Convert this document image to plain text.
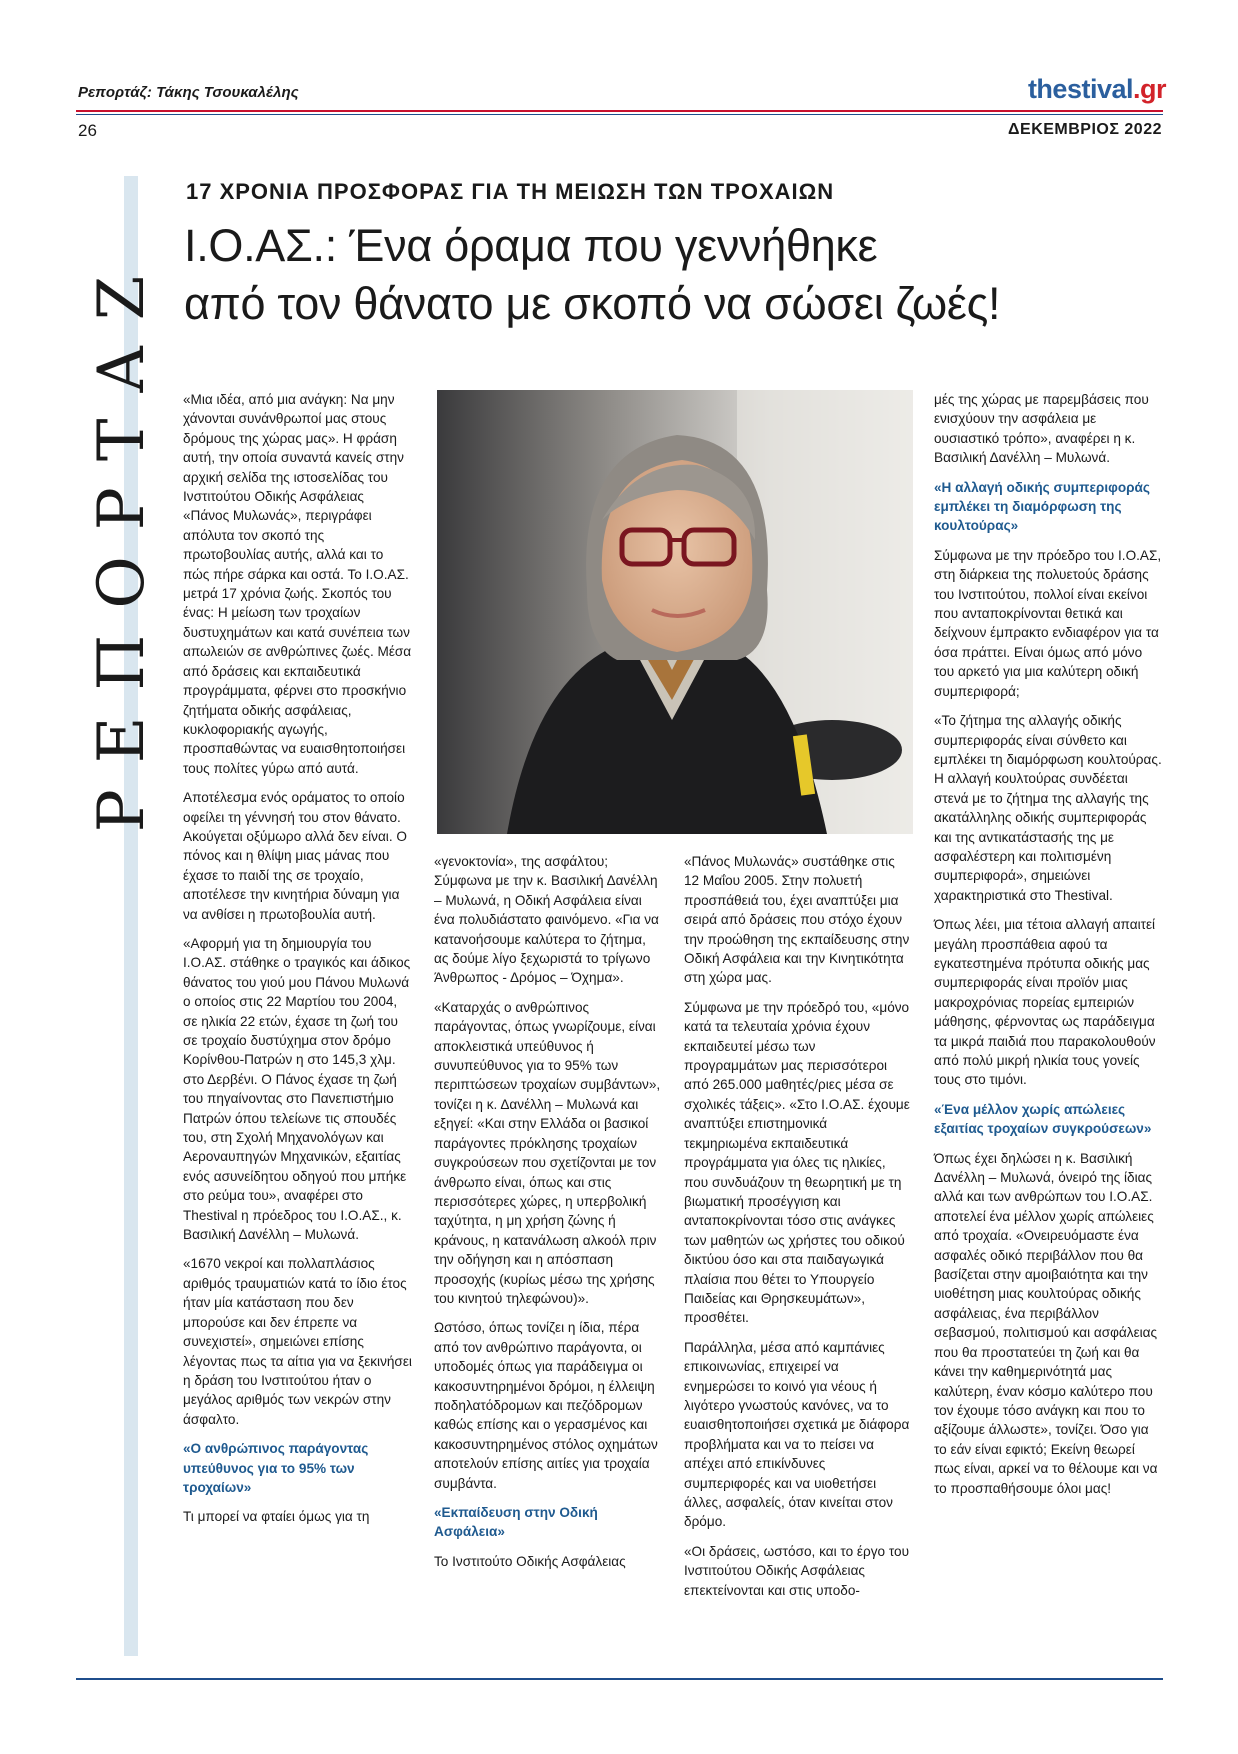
Ρεπορτάζ: Τάκης Τσουκαλέλης	thestival.gr
26	ΔΕΚΕΜΒΡΙΟΣ 2022
ΡΕΠΟΡΤΑΖ
17 ΧΡΟΝΙΑ ΠΡΟΣΦΟΡΑΣ ΓΙΑ ΤΗ ΜΕΙΩΣΗ ΤΩΝ ΤΡΟΧΑΙΩΝ
Ι.Ο.ΑΣ.: Ένα όραμα που γεννήθηκε
από τον θάνατο με σκοπό να σώσει ζωές!

«Μια ιδέα, από μια ανάγκη: Να μην χάνονται συνάνθρωποί μας στους δρόμους της χώρας μας». Η φράση αυτή, την οποία συναντά κανείς στην αρχική σελίδα της ιστοσελίδας του Ινστιτούτου Οδικής Ασφάλειας «Πάνος Μυλωνάς», περιγράφει απόλυτα τον σκοπό της πρωτοβουλίας αυτής, αλλά και το πώς πήρε σάρκα και οστά. Το Ι.Ο.ΑΣ. μετρά 17 χρόνια ζωής. Σκοπός του ένας: Η μείωση των τροχαίων δυστυχημάτων και κατά συνέπεια των απωλειών σε ανθρώπινες ζωές. Μέσα από δράσεις και εκπαιδευτικά προγράμματα, φέρνει στο προσκήνιο ζητήματα οδικής ασφάλειας, κυκλοφοριακής αγωγής, προσπαθώντας να ευαισθητοποιήσει τους πολίτες γύρω από αυτά.

Αποτέλεσμα ενός οράματος το οποίο οφείλει τη γέννησή του στον θάνατο. Ακούγεται οξύμωρο αλλά δεν είναι. Ο πόνος και η θλίψη μιας μάνας που έχασε το παιδί της σε τροχαίο, αποτέλεσε την κινητήρια δύναμη για να ανθίσει η πρωτοβουλία αυτή.

«Αφορμή για τη δημιουργία του Ι.Ο.ΑΣ. στάθηκε ο τραγικός και άδικος θάνατος του γιού μου Πάνου Μυλωνά ο οποίος στις 22 Μαρτίου του 2004, σε ηλικία 22 ετών, έχασε τη ζωή του σε τροχαίο δυστύχημα στον δρόμο Κορίνθου-Πατρών η στο 145,3 χλμ. στο Δερβένι. Ο Πάνος έχασε τη ζωή του πηγαίνοντας στο Πανεπιστήμιο Πατρών όπου τελείωνε τις σπουδές του, στη Σχολή Μηχανολόγων και Αεροναυπηγών Μηχανικών, εξαιτίας ενός ασυνείδητου οδηγού που μπήκε στο ρεύμα του», αναφέρει στο Thestival η πρόεδρος του Ι.Ο.ΑΣ., κ. Βασιλική Δανέλλη – Μυλωνά.

«1670 νεκροί και πολλαπλάσιος αριθμός τραυματιών κατά το ίδιο έτος ήταν μία κατάσταση που δεν μπορούσε και δεν έπρεπε να συνεχιστεί», σημειώνει επίσης λέγοντας πως τα αίτια για να ξεκινήσει η δράση του Ινστιτούτου ήταν ο μεγάλος αριθμός των νεκρών στην άσφαλτο.

«Ο ανθρώπινος παράγοντας υπεύθυνος για το 95% των τροχαίων»

Τι μπορεί να φταίει όμως για τη

«γενοκτονία», της ασφάλτου; Σύμφωνα με την κ. Βασιλική Δανέλλη – Μυλωνά, η Οδική Ασφάλεια είναι ένα πολυδιάστατο φαινόμενο. «Για να κατανοήσουμε καλύτερα το ζήτημα, ας δούμε λίγο ξεχωριστά το τρίγωνο Άνθρωπος - Δρόμος – Όχημα».

«Καταρχάς ο ανθρώπινος παράγοντας, όπως γνωρίζουμε, είναι αποκλειστικά υπεύθυνος ή συνυπεύθυνος για το 95% των περιπτώσεων τροχαίων συμβάντων», τονίζει η κ. Δανέλλη – Μυλωνά και εξηγεί: «Και στην Ελλάδα οι βασικοί παράγοντες πρόκλησης τροχαίων συγκρούσεων που σχετίζονται με τον άνθρωπο είναι, όπως και στις περισσότερες χώρες, η υπερβολική ταχύτητα, η μη χρήση ζώνης ή κράνους, η κατανάλωση αλκοόλ πριν την οδήγηση και η απόσπαση προσοχής (κυρίως μέσω της χρήσης του κινητού τηλεφώνου)».

Ωστόσο, όπως τονίζει η ίδια, πέρα από τον ανθρώπινο παράγοντα, οι υποδομές όπως για παράδειγμα οι κακοσυντηρημένοι δρόμοι, η έλλειψη ποδηλατόδρομων και πεζόδρομων καθώς επίσης και ο γερασμένος και κακοσυντηρημένος στόλος οχημάτων αποτελούν επίσης αιτίες για τροχαία συμβάντα.

«Εκπαίδευση στην Οδική Ασφάλεια»

Το Ινστιτούτο Οδικής Ασφάλειας

«Πάνος Μυλωνάς» συστάθηκε στις 12 Μαΐου 2005. Στην πολυετή προσπάθειά του, έχει αναπτύξει μια σειρά από δράσεις που στόχο έχουν την προώθηση της εκπαίδευσης στην Οδική Ασφάλεια και την Κινητικότητα στη χώρα μας.

Σύμφωνα με την πρόεδρό του, «μόνο κατά τα τελευταία χρόνια έχουν εκπαιδευτεί μέσω των προγραμμάτων μας περισσότεροι από 265.000 μαθητές/ριες μέσα σε σχολικές τάξεις». «Στο Ι.Ο.ΑΣ. έχουμε αναπτύξει επιστημονικά τεκμηριωμένα εκπαιδευτικά προγράμματα για όλες τις ηλικίες, που συνδυάζουν τη θεωρητική με τη βιωματική προσέγγιση και ανταποκρίνονται τόσο στις ανάγκες των μαθητών ως χρήστες του οδικού δικτύου όσο και στα παιδαγωγικά πλαίσια που θέτει το Υπουργείο Παιδείας και Θρησκευμάτων», προσθέτει.

Παράλληλα, μέσα από καμπάνιες επικοινωνίας, επιχειρεί να ενημερώσει το κοινό για νέους ή λιγότερο γνωστούς κανόνες, να το ευαισθητοποιήσει σχετικά με διάφορα προβλήματα και να το πείσει να απέχει από επικίνδυνες συμπεριφορές και να υιοθετήσει άλλες, ασφαλείς, όταν κινείται στον δρόμο.

«Οι δράσεις, ωστόσο, και το έργο του Ινστιτούτου Οδικής Ασφάλειας επεκτείνονται και στις υποδο-

μές της χώρας με παρεμβάσεις που ενισχύουν την ασφάλεια με ουσιαστικό τρόπο», αναφέρει η κ. Βασιλική Δανέλλη – Μυλωνά.

«Η αλλαγή οδικής συμπεριφοράς εμπλέκει τη διαμόρφωση της κουλτούρας»

Σύμφωνα με την πρόεδρο του Ι.Ο.ΑΣ, στη διάρκεια της πολυετούς δράσης του Ινστιτούτου, πολλοί είναι εκείνοι που ανταποκρίνονται θετικά και δείχνουν έμπρακτο ενδιαφέρον για τα όσα πράττει. Είναι όμως από μόνο του αρκετό για μια καλύτερη οδική συμπεριφορά;

«Το ζήτημα της αλλαγής οδικής συμπεριφοράς είναι σύνθετο και εμπλέκει τη διαμόρφωση κουλτούρας. Η αλλαγή κουλτούρας συνδέεται στενά με το ζήτημα της αλλαγής της ακατάλληλης οδικής συμπεριφοράς και της αντικατάστασής της με ασφαλέστερη και πολιτισμένη συμπεριφορά», σημειώνει χαρακτηριστικά στο Thestival.

Όπως λέει, μια τέτοια αλλαγή απαιτεί μεγάλη προσπάθεια αφού τα εγκατεστημένα πρότυπα οδικής μας συμπεριφοράς είναι προϊόν μιας μακροχρόνιας πορείας εμπειριών μάθησης, φέρνοντας ως παράδειγμα τα μικρά παιδιά που παρακολουθούν από πολύ μικρή ηλικία τους γονείς τους στο τιμόνι.

«Ένα μέλλον χωρίς απώλειες εξαιτίας τροχαίων συγκρούσεων»

Όπως έχει δηλώσει η κ. Βασιλική Δανέλλη – Μυλωνά, όνειρό της ίδιας αλλά και των ανθρώπων του Ι.Ο.ΑΣ. αποτελεί ένα μέλλον χωρίς απώλειες από τροχαία. «Ονειρευόμαστε ένα ασφαλές οδικό περιβάλλον που θα βασίζεται στην αμοιβαιότητα και την υιοθέτηση μιας κουλτούρας οδικής ασφάλειας, ένα περιβάλλον σεβασμού, πολιτισμού και ασφάλειας που θα προστατεύει τη ζωή και θα κάνει την καθημερινότητά μας καλύτερη, έναν κόσμο καλύτερο που τον έχουμε τόσο ανάγκη και που το αξίζουμε άλλωστε», τονίζει. Όσο για το εάν είναι εφικτό; Εκείνη θεωρεί πως είναι, αρκεί να το θέλουμε και να το προσπαθήσουμε όλοι μας!
